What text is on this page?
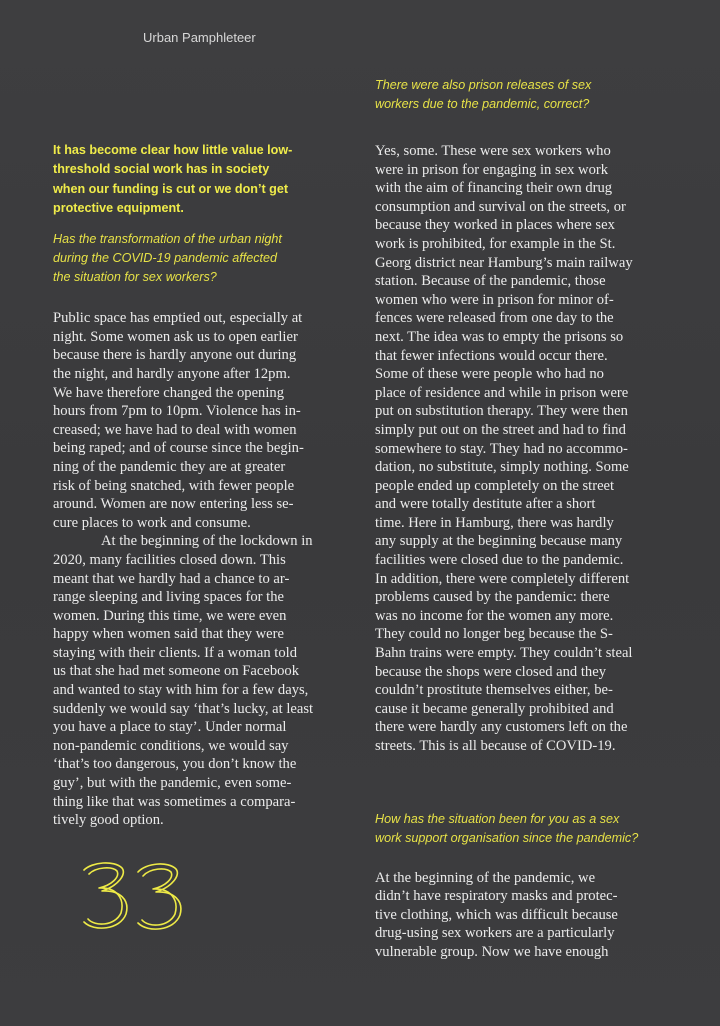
Urban Pamphleteer
It has become clear how little value low-
threshold social work has in society
when our funding is cut or we don’t get
protective equipment.
Has the transformation of the urban night
during the COVID-19 pandemic affected
the situation for sex workers?
Public space has emptied out, especially at
night. Some women ask us to open earlier
because there is hardly anyone out during
the night, and hardly anyone after 12pm.
We have therefore changed the opening
hours from 7pm to 10pm. Violence has in-
creased; we have had to deal with women
being raped; and of course since the begin-
ning of the pandemic they are at greater
risk of being snatched, with fewer people
around. Women are now entering less se-
cure places to work and consume.
At the beginning of the lockdown in
2020, many facilities closed down. This
meant that we hardly had a chance to ar-
range sleeping and living spaces for the
women. During this time, we were even
happy when women said that they were
staying with their clients. If a woman told
us that she had met someone on Facebook
and wanted to stay with him for a few days,
suddenly we would say ‘that’s lucky, at least
you have a place to stay’. Under normal
non-pandemic conditions, we would say
‘that’s too dangerous, you don’t know the
guy’, but with the pandemic, even some-
thing like that was sometimes a compara-
tively good option.
There were also prison releases of sex
workers due to the pandemic, correct?
Yes, some. These were sex workers who
were in prison for engaging in sex work
with the aim of financing their own drug
consumption and survival on the streets, or
because they worked in places where sex
work is prohibited, for example in the St.
Georg district near Hamburg’s main railway
station. Because of the pandemic, those
women who were in prison for minor of-
fences were released from one day to the
next. The idea was to empty the prisons so
that fewer infections would occur there.
Some of these were people who had no
place of residence and while in prison were
put on substitution therapy. They were then
simply put out on the street and had to find
somewhere to stay. They had no accommo-
dation, no substitute, simply nothing. Some
people ended up completely on the street
and were totally destitute after a short
time. Here in Hamburg, there was hardly
any supply at the beginning because many
facilities were closed due to the pandemic.
In addition, there were completely different
problems caused by the pandemic: there
was no income for the women any more.
They could no longer beg because the S-
Bahn trains were empty. They couldn’t steal
because the shops were closed and they
couldn’t prostitute themselves either, be-
cause it became generally prohibited and
there were hardly any customers left on the
streets. This is all because of COVID-19.
How has the situation been for you as a sex
work support organisation since the pandemic?
At the beginning of the pandemic, we
didn’t have respiratory masks and protec-
tive clothing, which was difficult because
drug-using sex workers are a particularly
vulnerable group. Now we have enough
